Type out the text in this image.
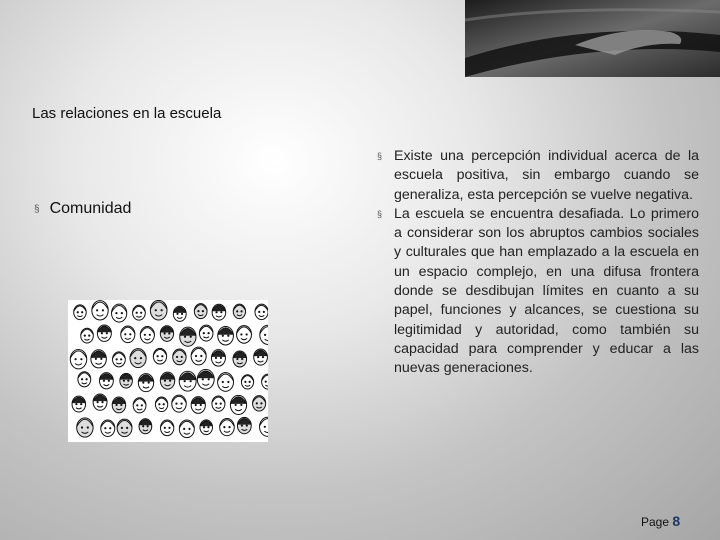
Las relaciones en la escuela
§ Comunidad
§ Existe una percepción individual acerca de la escuela positiva, sin embargo cuando se generaliza, esta percepción se vuelve negativa.
§ La escuela se encuentra desafiada. Lo primero a considerar son los abruptos cambios sociales y culturales que han emplazado a la escuela en un espacio complejo, en una difusa frontera donde se desdibujan límites en cuanto a su papel, funciones y alcances, se cuestiona su legitimidad y autoridad, como también su capacidad para comprender y educar a las nuevas generaciones.
Page 8
